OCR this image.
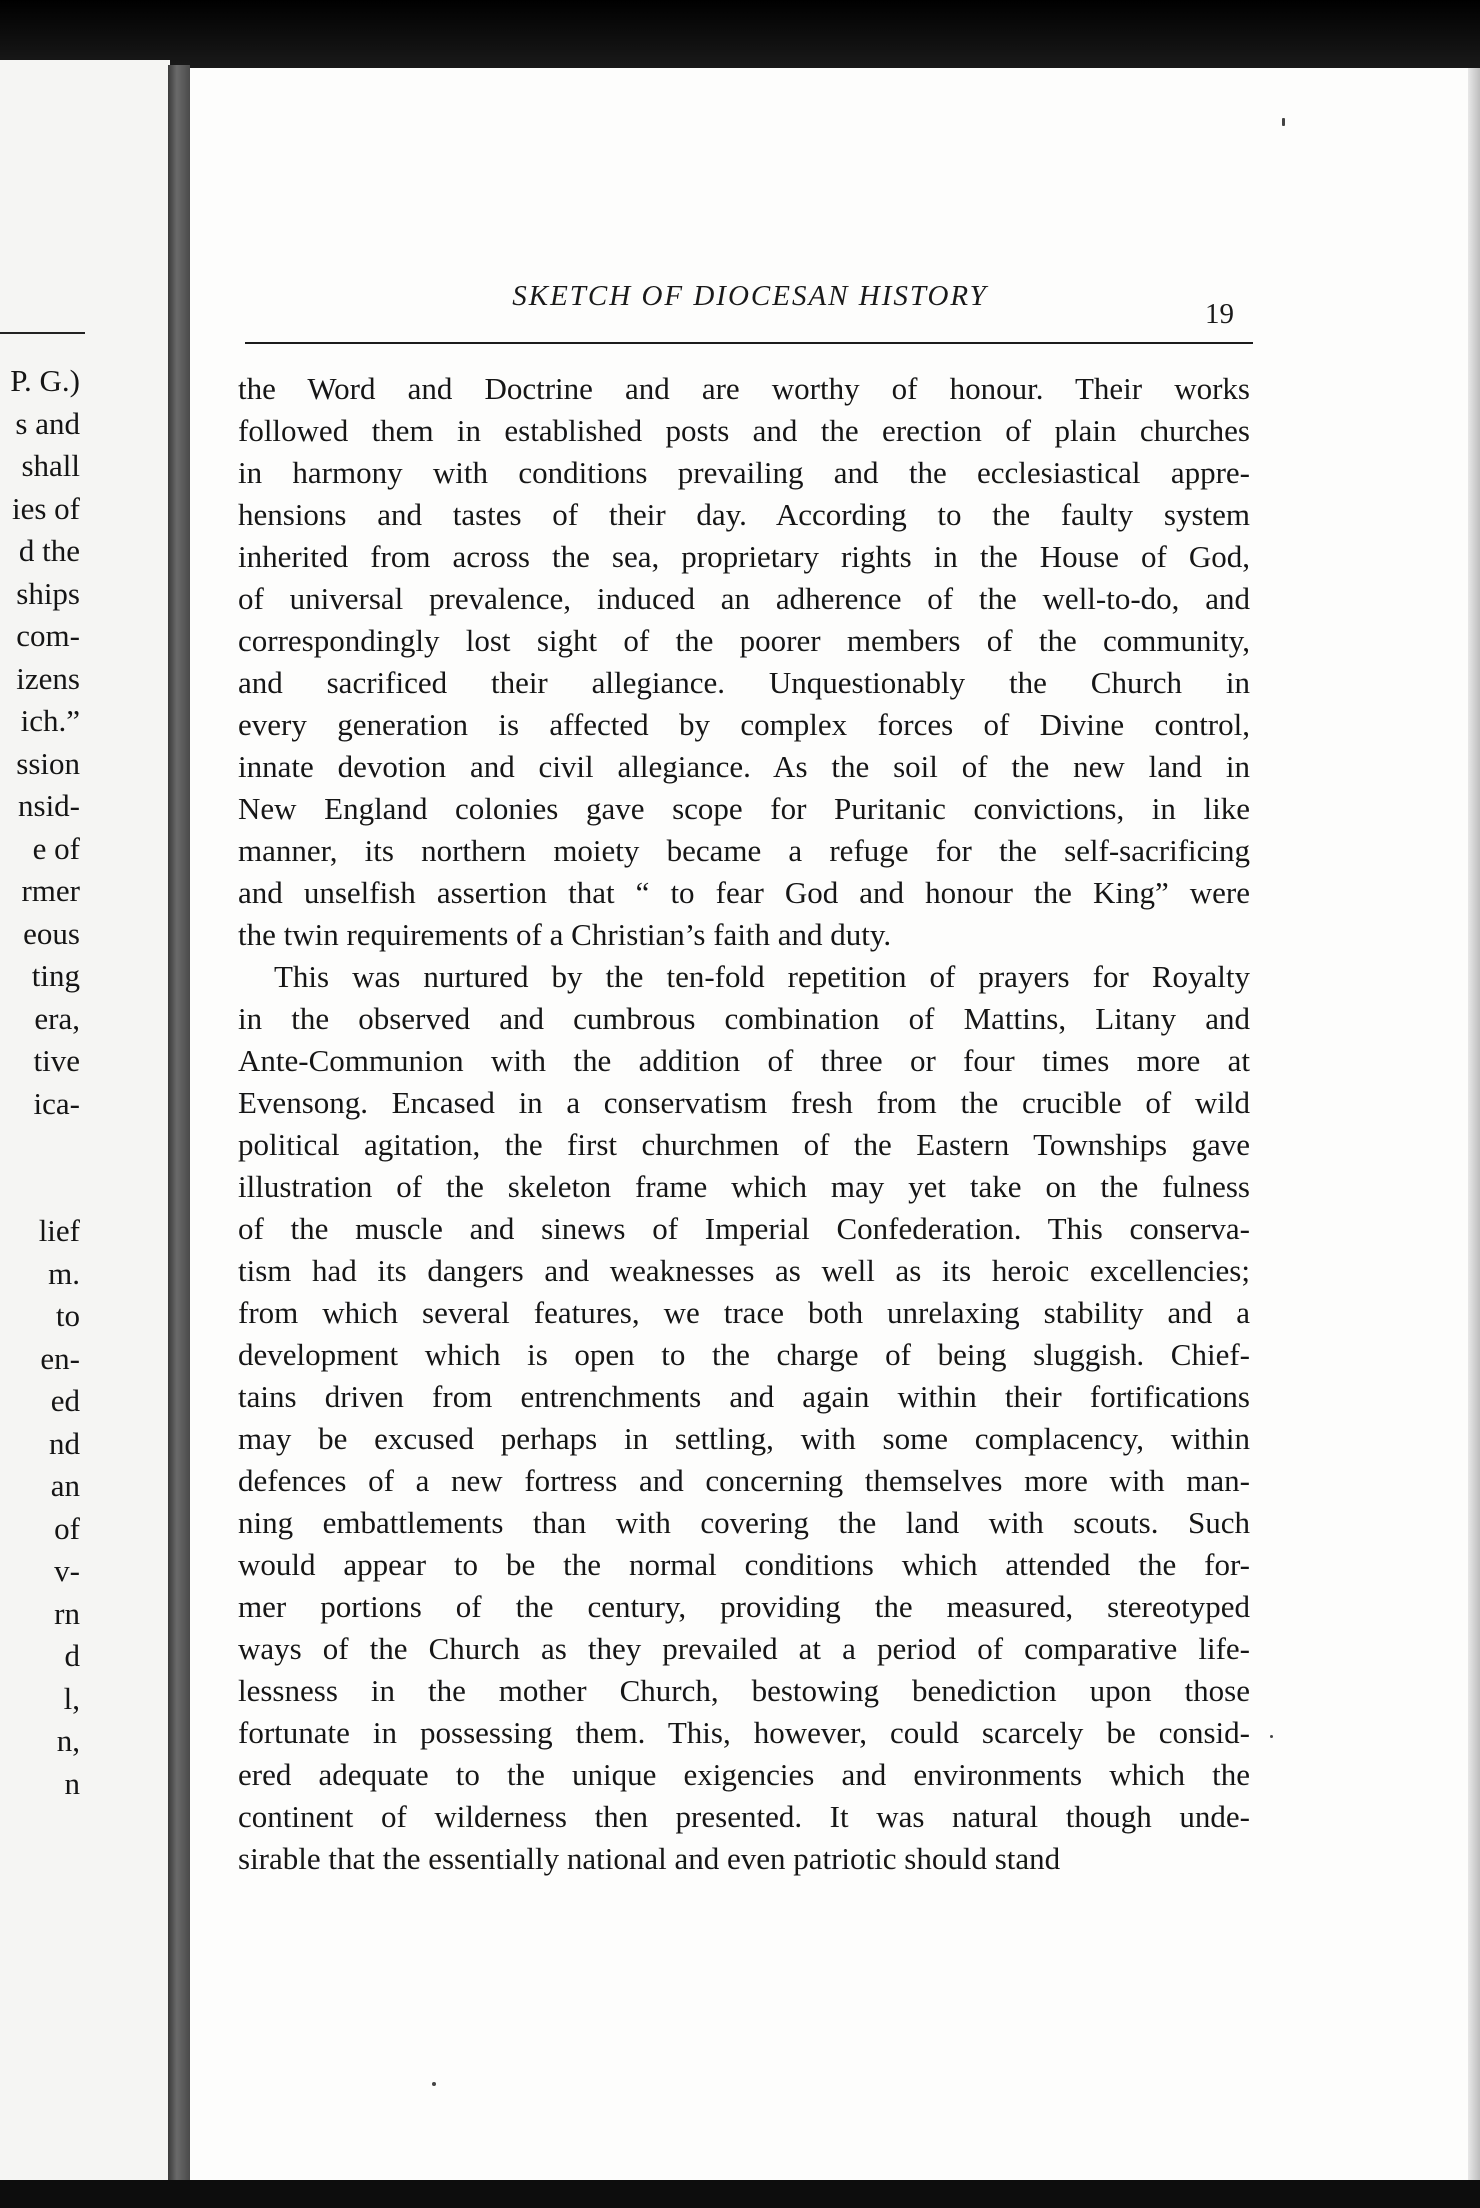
P. G.)
s and
shall
ies of
d the
ships
com-
izens
ich.”
ssion
nsid-
e of
rmer
eous
ting
era,
tive
ica-
lief
m.
to
en-
ed
nd
an
of
v-
rn
d
l,
n,
n
SKETCH OF DIOCESAN HISTORY
19
the Word and Doctrine and are worthy of honour. Their works
followed them in established posts and the erection of plain churches
in harmony with conditions prevailing and the ecclesiastical appre-
hensions and tastes of their day. According to the faulty system
inherited from across the sea, proprietary rights in the House of God,
of universal prevalence, induced an adherence of the well-to-do, and
correspondingly lost sight of the poorer members of the community,
and sacrificed their allegiance. Unquestionably the Church in
every generation is affected by complex forces of Divine control,
innate devotion and civil allegiance. As the soil of the new land in
New England colonies gave scope for Puritanic convictions, in like
manner, its northern moiety became a refuge for the self-sacrificing
and unselfish assertion that “ to fear God and honour the King” were
the twin requirements of a Christian’s faith and duty.
This was nurtured by the ten-fold repetition of prayers for Royalty
in the observed and cumbrous combination of Mattins, Litany and
Ante-Communion with the addition of three or four times more at
Evensong. Encased in a conservatism fresh from the crucible of wild
political agitation, the first churchmen of the Eastern Townships gave
illustration of the skeleton frame which may yet take on the fulness
of the muscle and sinews of Imperial Confederation. This conserva-
tism had its dangers and weaknesses as well as its heroic excellencies;
from which several features, we trace both unrelaxing stability and a
development which is open to the charge of being sluggish. Chief-
tains driven from entrenchments and again within their fortifications
may be excused perhaps in settling, with some complacency, within
defences of a new fortress and concerning themselves more with man-
ning embattlements than with covering the land with scouts. Such
would appear to be the normal conditions which attended the for-
mer portions of the century, providing the measured, stereotyped
ways of the Church as they prevailed at a period of comparative life-
lessness in the mother Church, bestowing benediction upon those
fortunate in possessing them. This, however, could scarcely be consid-
ered adequate to the unique exigencies and environments which the
continent of wilderness then presented. It was natural though unde-
sirable that the essentially national and even patriotic should stand
